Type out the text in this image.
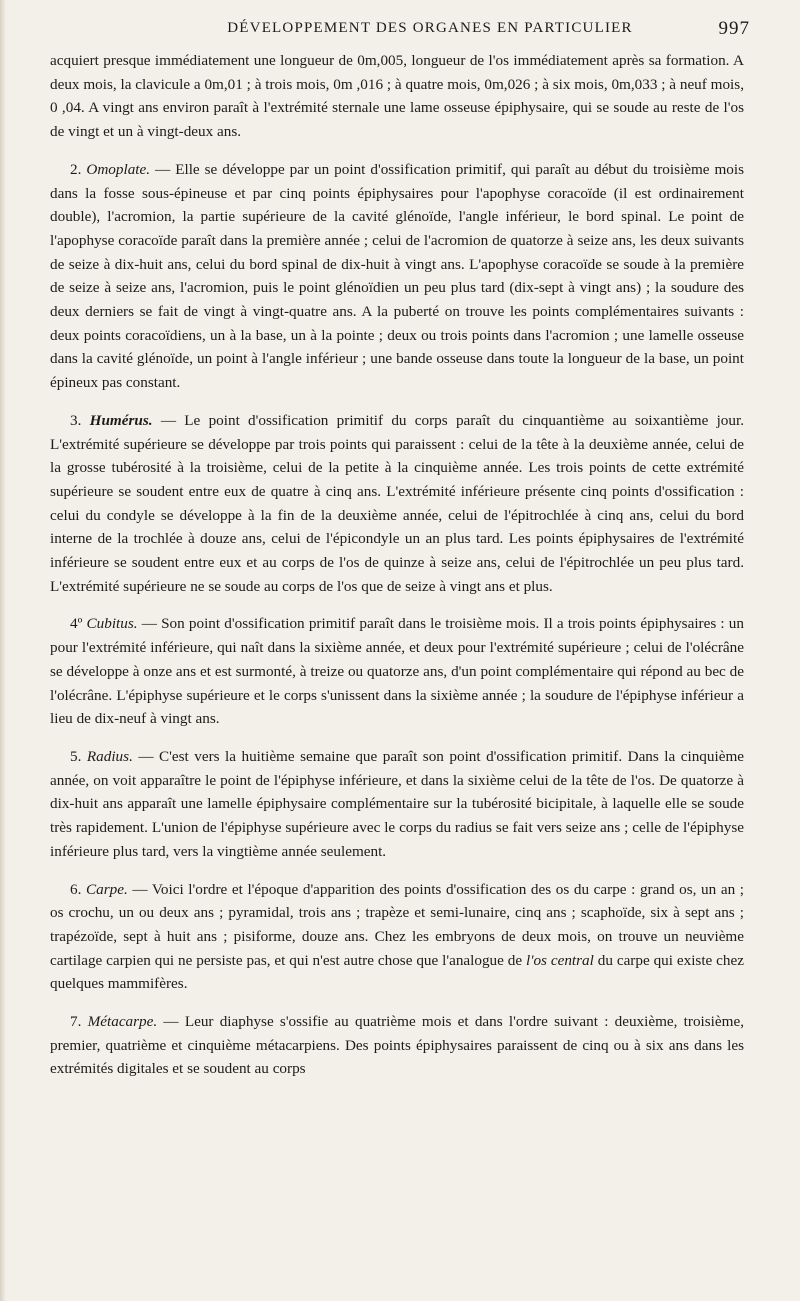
DÉVELOPPEMENT DES ORGANES EN PARTICULIER	997

acquiert presque immédiatement une longueur de 0m,005, longueur de l'os immédiatement après sa formation. A deux mois, la clavicule a 0m,01 ; à trois mois, 0m ,016 ; à quatre mois, 0m,026 ; à six mois, 0m,033 ; à neuf mois, 0 ,04. A vingt ans environ paraît à l'extrémité sternale une lame osseuse épiphysaire, qui se soude au reste de l'os de vingt et un à vingt-deux ans.

2. Omoplate. — Elle se développe par un point d'ossification primitif, qui paraît au début du troisième mois dans la fosse sous-épineuse et par cinq points épiphysaires pour l'apophyse coracoïde (il est ordinairement double), l'acromion, la partie supérieure de la cavité glénoïde, l'angle inférieur, le bord spinal. Le point de l'apophyse coracoïde paraît dans la première année ; celui de l'acromion de quatorze à seize ans, les deux suivants de seize à dix-huit ans, celui du bord spinal de dix-huit à vingt ans. L'apophyse coracoïde se soude à la première de seize à seize ans, l'acromion, puis le point glénoïdien un peu plus tard (dix-sept à vingt ans) ; la soudure des deux derniers se fait de vingt à vingt-quatre ans. A la puberté on trouve les points complémentaires suivants : deux points coracoïdiens, un à la base, un à la pointe ; deux ou trois points dans l'acromion ; une lamelle osseuse dans la cavité glénoïde, un point à l'angle inférieur ; une bande osseuse dans toute la longueur de la base, un point épineux pas constant.

3. Humérus. — Le point d'ossification primitif du corps paraît du cinquantième au soixantième jour. L'extrémité supérieure se développe par trois points qui paraissent : celui de la tête à la deuxième année, celui de la grosse tubérosité à la troisième, celui de la petite à la cinquième année. Les trois points de cette extrémité supérieure se soudent entre eux de quatre à cinq ans. L'extrémité inférieure présente cinq points d'ossification : celui du condyle se développe à la fin de la deuxième année, celui de l'épitrochlée à cinq ans, celui du bord interne de la trochlée à douze ans, celui de l'épicondyle un an plus tard. Les points épiphysaires de l'extrémité inférieure se soudent entre eux et au corps de l'os de quinze à seize ans, celui de l'épitrochlée un peu plus tard. L'extrémité supérieure ne se soude au corps de l'os que de seize à vingt ans et plus.

4º Cubitus. — Son point d'ossification primitif paraît dans le troisième mois. Il a trois points épiphysaires : un pour l'extrémité inférieure, qui naît dans la sixième année, et deux pour l'extrémité supérieure ; celui de l'olécrâne se développe à onze ans et est surmonté, à treize ou quatorze ans, d'un point complémentaire qui répond au bec de l'olécrâne. L'épiphyse supérieure et le corps s'unissent dans la sixième année ; la soudure de l'épiphyse inférieur a lieu de dix-neuf à vingt ans.

5. Radius. — C'est vers la huitième semaine que paraît son point d'ossification primitif. Dans la cinquième année, on voit apparaître le point de l'épiphyse inférieure, et dans la sixième celui de la tête de l'os. De quatorze à dix-huit ans apparaît une lamelle épiphysaire complémentaire sur la tubérosité bicipitale, à laquelle elle se soude très rapidement. L'union de l'épiphyse supérieure avec le corps du radius se fait vers seize ans ; celle de l'épiphyse inférieure plus tard, vers la vingtième année seulement.

6. Carpe. — Voici l'ordre et l'époque d'apparition des points d'ossification des os du carpe : grand os, un an ; os crochu, un ou deux ans ; pyramidal, trois ans ; trapèze et semi-lunaire, cinq ans ; scaphoïde, six à sept ans ; trapézoïde, sept à huit ans ; pisiforme, douze ans. Chez les embryons de deux mois, on trouve un neuvième cartilage carpien qui ne persiste pas, et qui n'est autre chose que l'analogue de l'os central du carpe qui existe chez quelques mammifères.

7. Métacarpe. — Leur diaphyse s'ossifie au quatrième mois et dans l'ordre suivant : deuxième, troisième, premier, quatrième et cinquième métacarpiens. Des points épiphysaires paraissent de cinq ou à six ans dans les extrémités digitales et se soudent au corps
